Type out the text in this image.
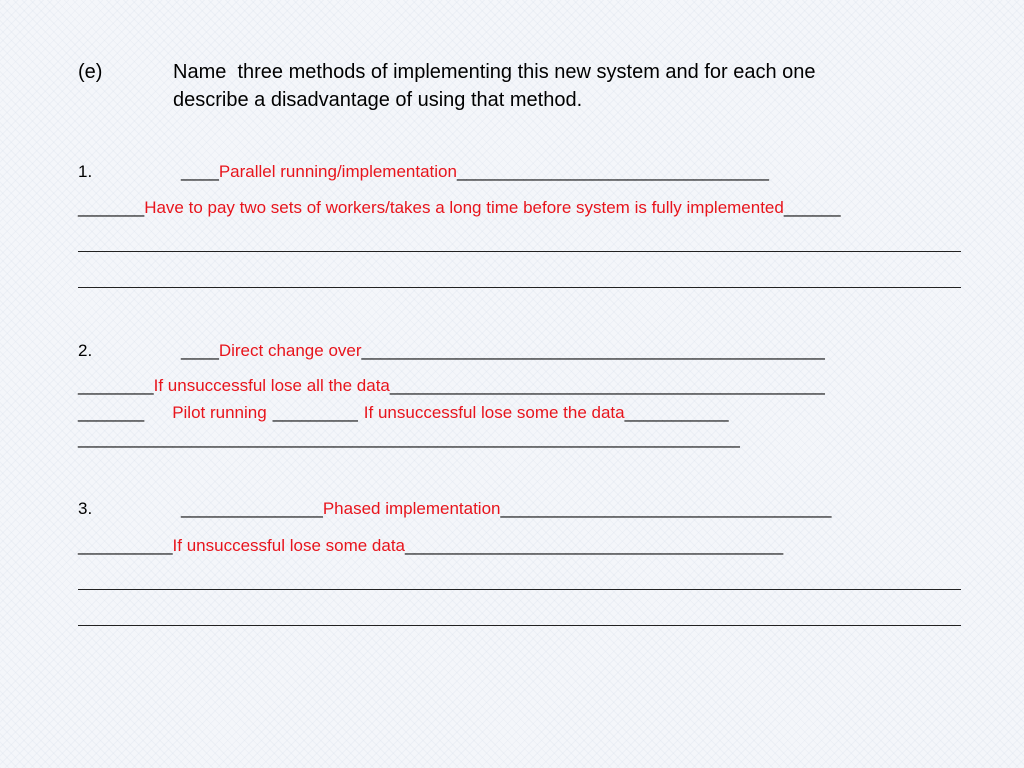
(e)	Name  three methods of implementing this new system and for each one
describe a disadvantage of using that method.
1.	____Parallel running/implementation_________________________________
_______Have to pay two sets of workers/takes a long time before system is fully implemented______
2.	____Direct change over_________________________________________________
________If unsuccessful lose all the data______________________________________________
_______ Pilot running _________ If unsuccessful lose some the data___________
______________________________________________________________________
3.	_______________Phased implementation___________________________________
__________If unsuccessful lose some data________________________________________
